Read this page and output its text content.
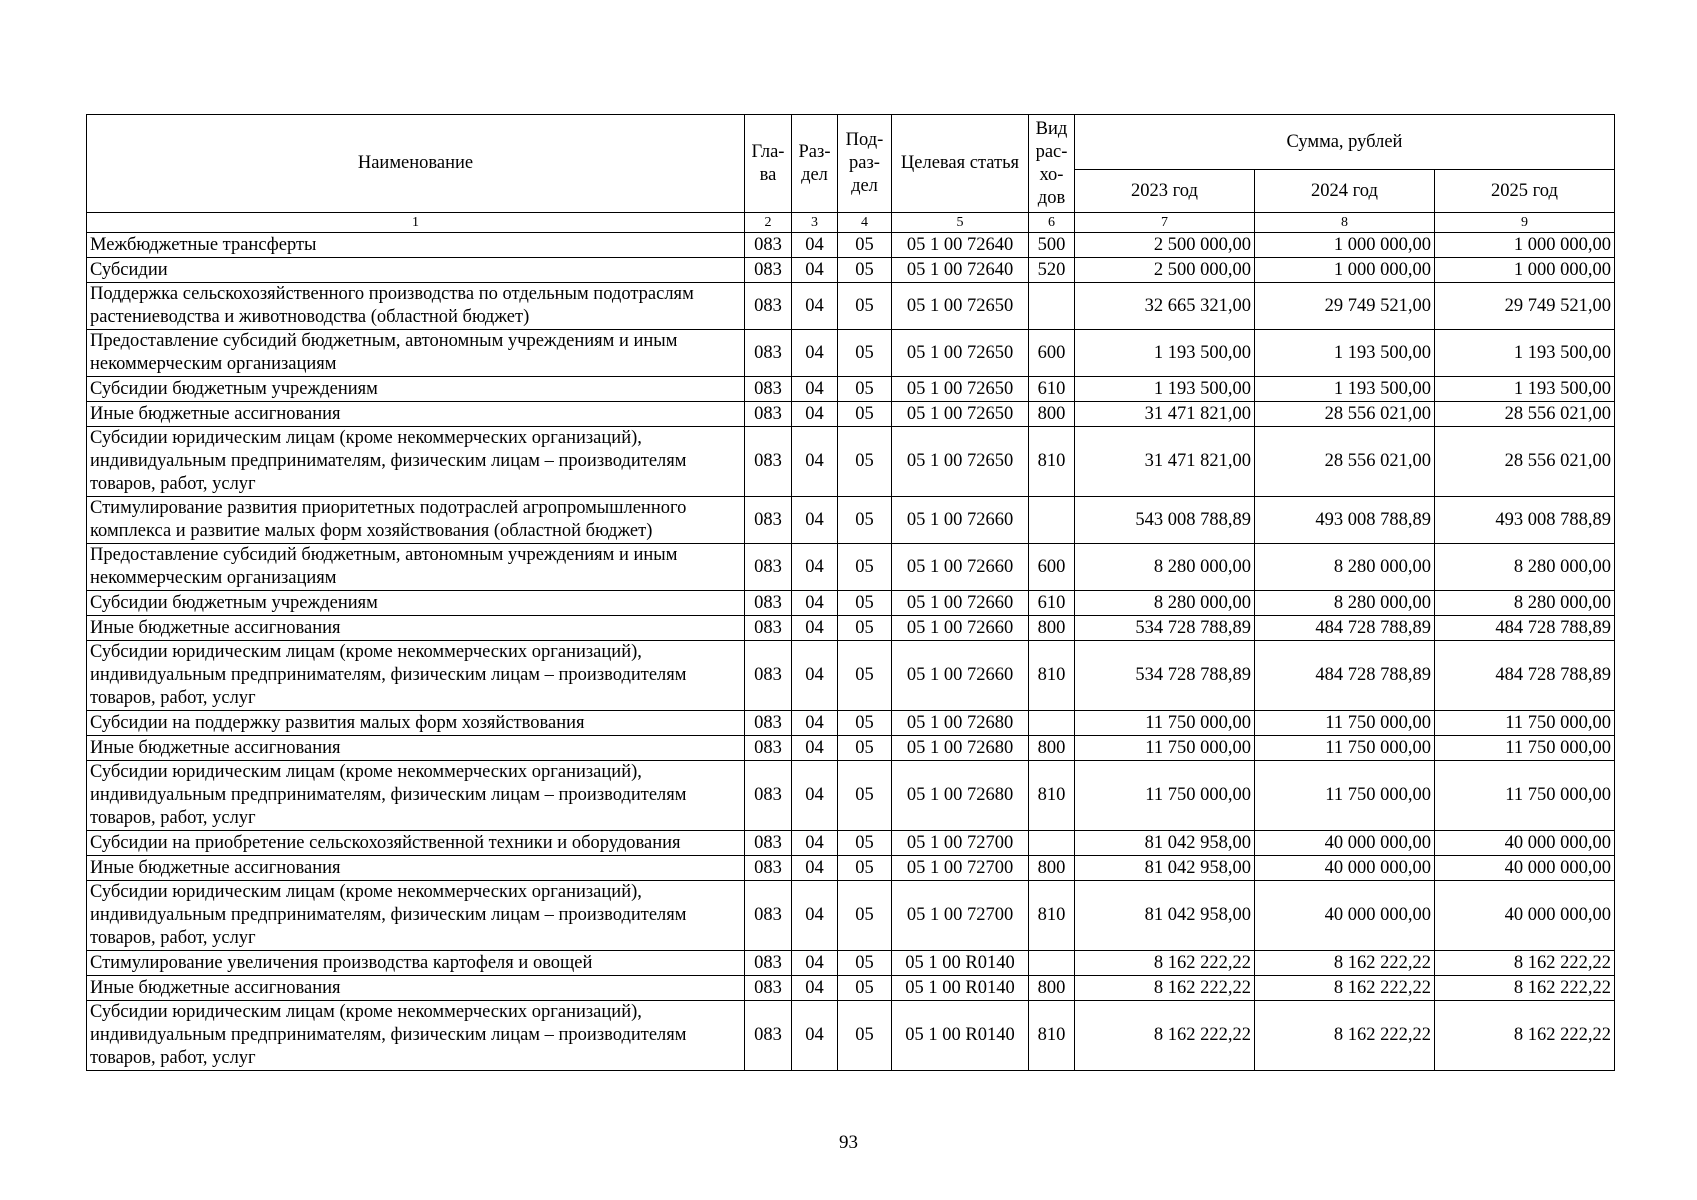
Наименование	Гла-ва	Раз-дел	Под-раз-дел	Целевая статья	Вид рас-хо-дов	Сумма, рублей		
						2023 год	2024 год	2025 год
1	2	3	4	5	6	7	8	9
Межбюджетные трансферты	083	04	05	05 1 00 72640	500	2 500 000,00	1 000 000,00	1 000 000,00
Субсидии	083	04	05	05 1 00 72640	520	2 500 000,00	1 000 000,00	1 000 000,00
Поддержка сельскохозяйственного производства по отдельным подотраслям растениеводства и животноводства (областной бюджет)	083	04	05	05 1 00 72650		32 665 321,00	29 749 521,00	29 749 521,00
Предоставление субсидий бюджетным, автономным учреждениям и иным некоммерческим организациям	083	04	05	05 1 00 72650	600	1 193 500,00	1 193 500,00	1 193 500,00
Субсидии бюджетным учреждениям	083	04	05	05 1 00 72650	610	1 193 500,00	1 193 500,00	1 193 500,00
Иные бюджетные ассигнования	083	04	05	05 1 00 72650	800	31 471 821,00	28 556 021,00	28 556 021,00
Субсидии юридическим лицам (кроме некоммерческих организаций), индивидуальным предпринимателям, физическим лицам – производителям товаров, работ, услуг	083	04	05	05 1 00 72650	810	31 471 821,00	28 556 021,00	28 556 021,00
Стимулирование развития приоритетных подотраслей агропромышленного комплекса и развитие малых форм хозяйствования (областной бюджет)	083	04	05	05 1 00 72660		543 008 788,89	493 008 788,89	493 008 788,89
Предоставление субсидий бюджетным, автономным учреждениям и иным некоммерческим организациям	083	04	05	05 1 00 72660	600	8 280 000,00	8 280 000,00	8 280 000,00
Субсидии бюджетным учреждениям	083	04	05	05 1 00 72660	610	8 280 000,00	8 280 000,00	8 280 000,00
Иные бюджетные ассигнования	083	04	05	05 1 00 72660	800	534 728 788,89	484 728 788,89	484 728 788,89
Субсидии юридическим лицам (кроме некоммерческих организаций), индивидуальным предпринимателям, физическим лицам – производителям товаров, работ, услуг	083	04	05	05 1 00 72660	810	534 728 788,89	484 728 788,89	484 728 788,89
Субсидии на поддержку развития малых форм хозяйствования	083	04	05	05 1 00 72680		11 750 000,00	11 750 000,00	11 750 000,00
Иные бюджетные ассигнования	083	04	05	05 1 00 72680	800	11 750 000,00	11 750 000,00	11 750 000,00
Субсидии юридическим лицам (кроме некоммерческих организаций), индивидуальным предпринимателям, физическим лицам – производителям товаров, работ, услуг	083	04	05	05 1 00 72680	810	11 750 000,00	11 750 000,00	11 750 000,00
Субсидии на приобретение сельскохозяйственной техники и оборудования	083	04	05	05 1 00 72700		81 042 958,00	40 000 000,00	40 000 000,00
Иные бюджетные ассигнования	083	04	05	05 1 00 72700	800	81 042 958,00	40 000 000,00	40 000 000,00
Субсидии юридическим лицам (кроме некоммерческих организаций), индивидуальным предпринимателям, физическим лицам – производителям товаров, работ, услуг	083	04	05	05 1 00 72700	810	81 042 958,00	40 000 000,00	40 000 000,00
Стимулирование увеличения производства картофеля и овощей	083	04	05	05 1 00 R0140		8 162 222,22	8 162 222,22	8 162 222,22
Иные бюджетные ассигнования	083	04	05	05 1 00 R0140	800	8 162 222,22	8 162 222,22	8 162 222,22
Субсидии юридическим лицам (кроме некоммерческих организаций), индивидуальным предпринимателям, физическим лицам – производителям товаров, работ, услуг	083	04	05	05 1 00 R0140	810	8 162 222,22	8 162 222,22	8 162 222,22
93
